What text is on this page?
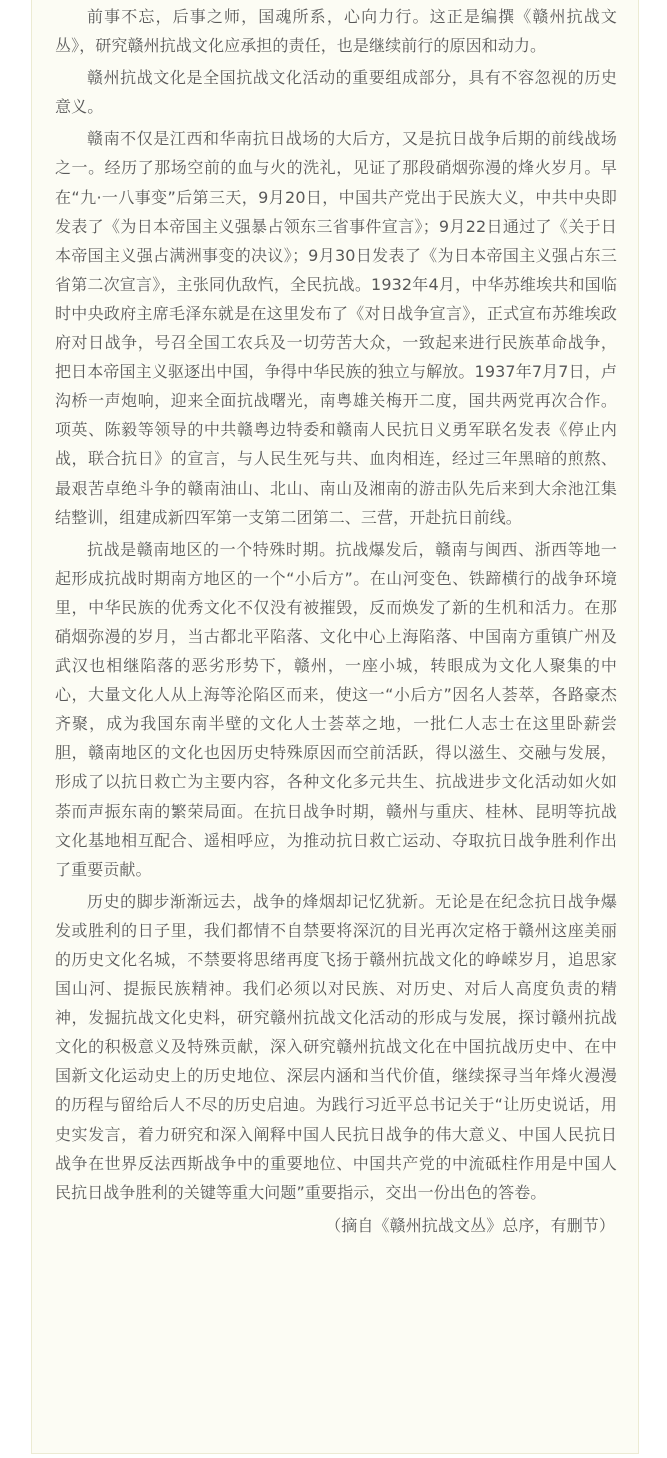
前事不忘，后事之师，国魂所系，心向力行。这正是编撰《赣州抗战文丛》，研究赣州抗战文化应承担的责任，也是继续前行的原因和动力。

赣州抗战文化是全国抗战文化活动的重要组成部分，具有不容忽视的历史意义。

赣南不仅是江西和华南抗日战场的大后方，又是抗日战争后期的前线战场之一。经历了那场空前的血与火的洗礼，见证了那段硝烟弥漫的烽火岁月。早在“九·一八事变”后第三天，9月20日，中国共产党出于民族大义，中共中央即发表了《为日本帝国主义强暴占领东三省事件宣言》；9月22日通过了《关于日本帝国主义强占满洲事变的决议》；9月30日发表了《为日本帝国主义强占东三省第二次宣言》，主张同仇敌忾，全民抗战。1932年4月，中华苏维埃共和国临时中央政府主席毛泽东就是在这里发布了《对日战争宣言》，正式宣布苏维埃政府对日战争，号召全国工农兵及一切劳苦大众，一致起来进行民族革命战争，把日本帝国主义驱逐出中国，争得中华民族的独立与解放。1937年7月7日，卢沟桥一声炮响，迎来全面抗战曙光，南粤雄关梅开二度，国共两党再次合作。项英、陈毅等领导的中共赣粤边特委和赣南人民抗日义勇军联名发表《停止内战，联合抗日》的宣言，与人民生死与共、血肉相连，经过三年黑暗的煎熬、最艰苦卓绝斗争的赣南油山、北山、南山及湘南的游击队先后来到大余池江集结整训，组建成新四军第一支第二团第二、三营，开赴抗日前线。

抗战是赣南地区的一个特殊时期。抗战爆发后，赣南与闽西、浙西等地一起形成抗战时期南方地区的一个“小后方”。在山河变色、铁蹄横行的战争环境里，中华民族的优秀文化不仅没有被摧毁，反而焕发了新的生机和活力。在那硝烟弥漫的岁月，当古都北平陷落、文化中心上海陷落、中国南方重镇广州及武汉也相继陷落的恶劣形势下，赣州，一座小城，转眼成为文化人聚集的中心，大量文化人从上海等沦陷区而来，使这一“小后方”因名人荟萃，各路豪杰齐聚，成为我国东南半壁的文化人士荟萃之地，一批仁人志士在这里卧薪尝胆，赣南地区的文化也因历史特殊原因而空前活跃，得以滋生、交融与发展，形成了以抗日救亡为主要内容，各种文化多元共生、抗战进步文化活动如火如荼而声振东南的繁荣局面。在抗日战争时期，赣州与重庆、桂林、昆明等抗战文化基地相互配合、遥相呼应，为推动抗日救亡运动、夺取抗日战争胜利作出了重要贡献。

历史的脚步渐渐远去，战争的烽烟却记忆犹新。无论是在纪念抗日战争爆发或胜利的日子里，我们都情不自禁要将深沉的目光再次定格于赣州这座美丽的历史文化名城，不禁要将思绪再度飞扬于赣州抗战文化的峥嵘岁月，追思家国山河、提振民族精神。我们必须以对民族、对历史、对后人高度负责的精神，发掘抗战文化史料，研究赣州抗战文化活动的形成与发展，探讨赣州抗战文化的积极意义及特殊贡献，深入研究赣州抗战文化在中国抗战历史中、在中国新文化运动史上的历史地位、深层内涵和当代价值，继续探寻当年烽火漫漫的历程与留给后人不尽的历史启迪。为践行习近平总书记关于“让历史说话，用史实发言，着力研究和深入阐释中国人民抗日战争的伟大意义、中国人民抗日战争在世界反法西斯战争中的重要地位、中国共产党的中流砥柱作用是中国人民抗日战争胜利的关键等重大问题”重要指示，交出一份出色的答卷。

（摘自《赣州抗战文丛》总序，有删节）
